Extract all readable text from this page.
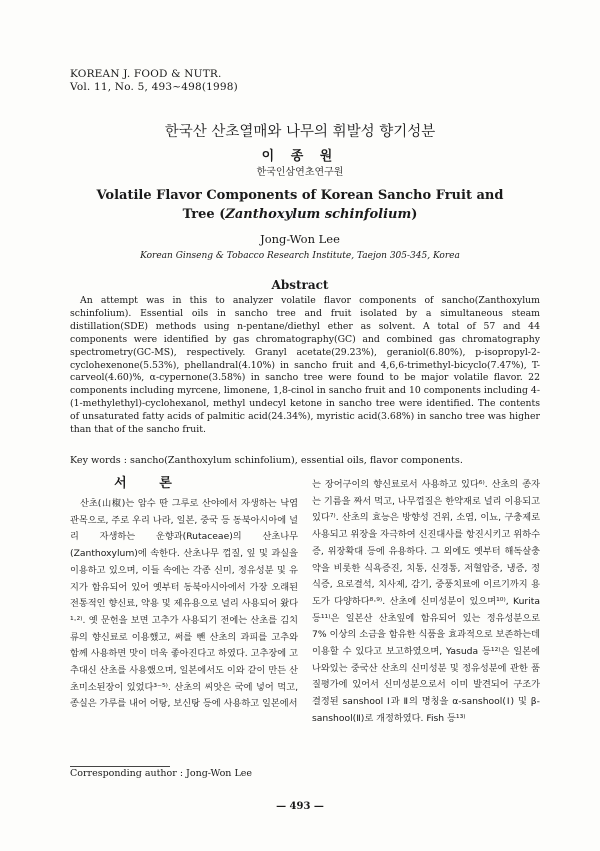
KOREAN J. FOOD & NUTR.
Vol. 11, No. 5, 493~498(1998)
한국산 산초열매와 나무의 휘발성 향기성분
이 종 원
한국인삼연초연구원
Volatile Flavor Components of Korean Sancho Fruit and
Tree (Zanthoxylum schinfolium)
Jong-Won Lee
Korean Ginseng & Tobacco Research Institute, Taejon 305-345, Korea
Abstract

An attempt was in this to analyzer volatile flavor components of sancho(Zanthoxylum schinfolium). Essential oils in sancho tree and fruit isolated by a simultaneous steam distillation(SDE) methods using n-pentane/diethyl ether as solvent. A total of 57 and 44 components were identified by gas chromatography(GC) and combined gas chromatography spectrometry(GC-MS), respectively. Granyl acetate(29.23%), geraniol(6.80%), p-isopropyl-2-cyclohexenone(5.53%), phellandral(4.10%) in sancho fruit and 4,6,6-trimethyl-bicyclo(7.47%), T-carveol(4.60)%, α-cypernone(3.58%) in sancho tree were found to be major volatile flavor. 22 components including myrcene, limonene, 1,8-cinol in sancho fruit and 10 components including 4-(1-methylethyl)-cyclohexanol, methyl undecyl ketone in sancho tree were identified. The contents of unsaturated fatty acids of palmitic acid(24.34%), myristic acid(3.68%) in sancho tree was higher than that of the sancho fruit.

Key words : sancho(Zanthoxylum schinfolium), essential oils, flavor components.
서 론

산초(山椒)는 암수 딴 그루로 산야에서 자생하는 낙엽관목으로, 주로 우리 나라, 일본, 중국 등 동북아시아에 널리 자생하는 운향과(Rutaceae)의 산초나무(Zanthoxylum)에 속한다. 산초나무 껍질, 잎 및 과실을 이용하고 있으며, 이들 속에는 각종 신미, 정유성분 및 유지가 함유되어 있어 옛부터 동북아시아에서 가장 오래된 전통적인 향신료, 약용 및 제유용으로 널리 사용되어 왔다¹·²⁾. 옛 문헌을 보면 고추가 사용되기 전에는 산초를 김치류의 향신료로 이용했고, 써를 뺀 산초의 과피를 고추와 함께 사용하면 맛이 더욱 좋아진다고 하였다. 고추장에 고추대신 산초를 사용했으며, 일본에서도 이와 같이 만든 산초미소된장이 있었다³⁻⁵⁾. 산초의 씨앗은 국에 넣어 먹고, 종실은 가루를 내어 어탕, 보신탕 등에 사용하고 일본에서

는 장어구이의 향신료로서 사용하고 있다⁶⁾. 산초의 종자는 기름을 짜서 먹고, 나무껍질은 한약재로 널리 이용되고 있다⁷⁾. 산초의 효능은 방향성 건위, 소염, 이뇨, 구충제로 사용되고 위장을 자극하여 신진대사를 항진시키고 위하수증, 위장확대 등에 유용하다. 그 외에도 옛부터 해독살충약을 비롯한 식욕증진, 치통, 신경통, 저혈압증, 냉증, 정식증, 요로결석, 치사제, 감기, 중풍치료에 이르기까지 용도가 다양하다⁸·⁹⁾. 산초에 신미성분이 있으며¹⁰⁾, Kurita 등¹¹⁾은 일본산 산초잎에 함유되어 있는 정유성분으로 7% 이상의 소금을 함유한 식품을 효과적으로 보존하는데 이용할 수 있다고 보고하였으며, Yasuda 등¹²⁾은 일본에 나와있는 중국산 산초의 신미성분 및 정유성분에 관한 품질평가에 있어서 신미성분으로서 이미 발견되어 구조가 결정된 sanshool Ⅰ과 Ⅱ의 명칭을 α-sanshool(Ⅰ) 및 β-sanshool(Ⅱ)로 개정하였다. Fish 등¹³⁾

Corresponding author : Jong-Won Lee
— 493 —
